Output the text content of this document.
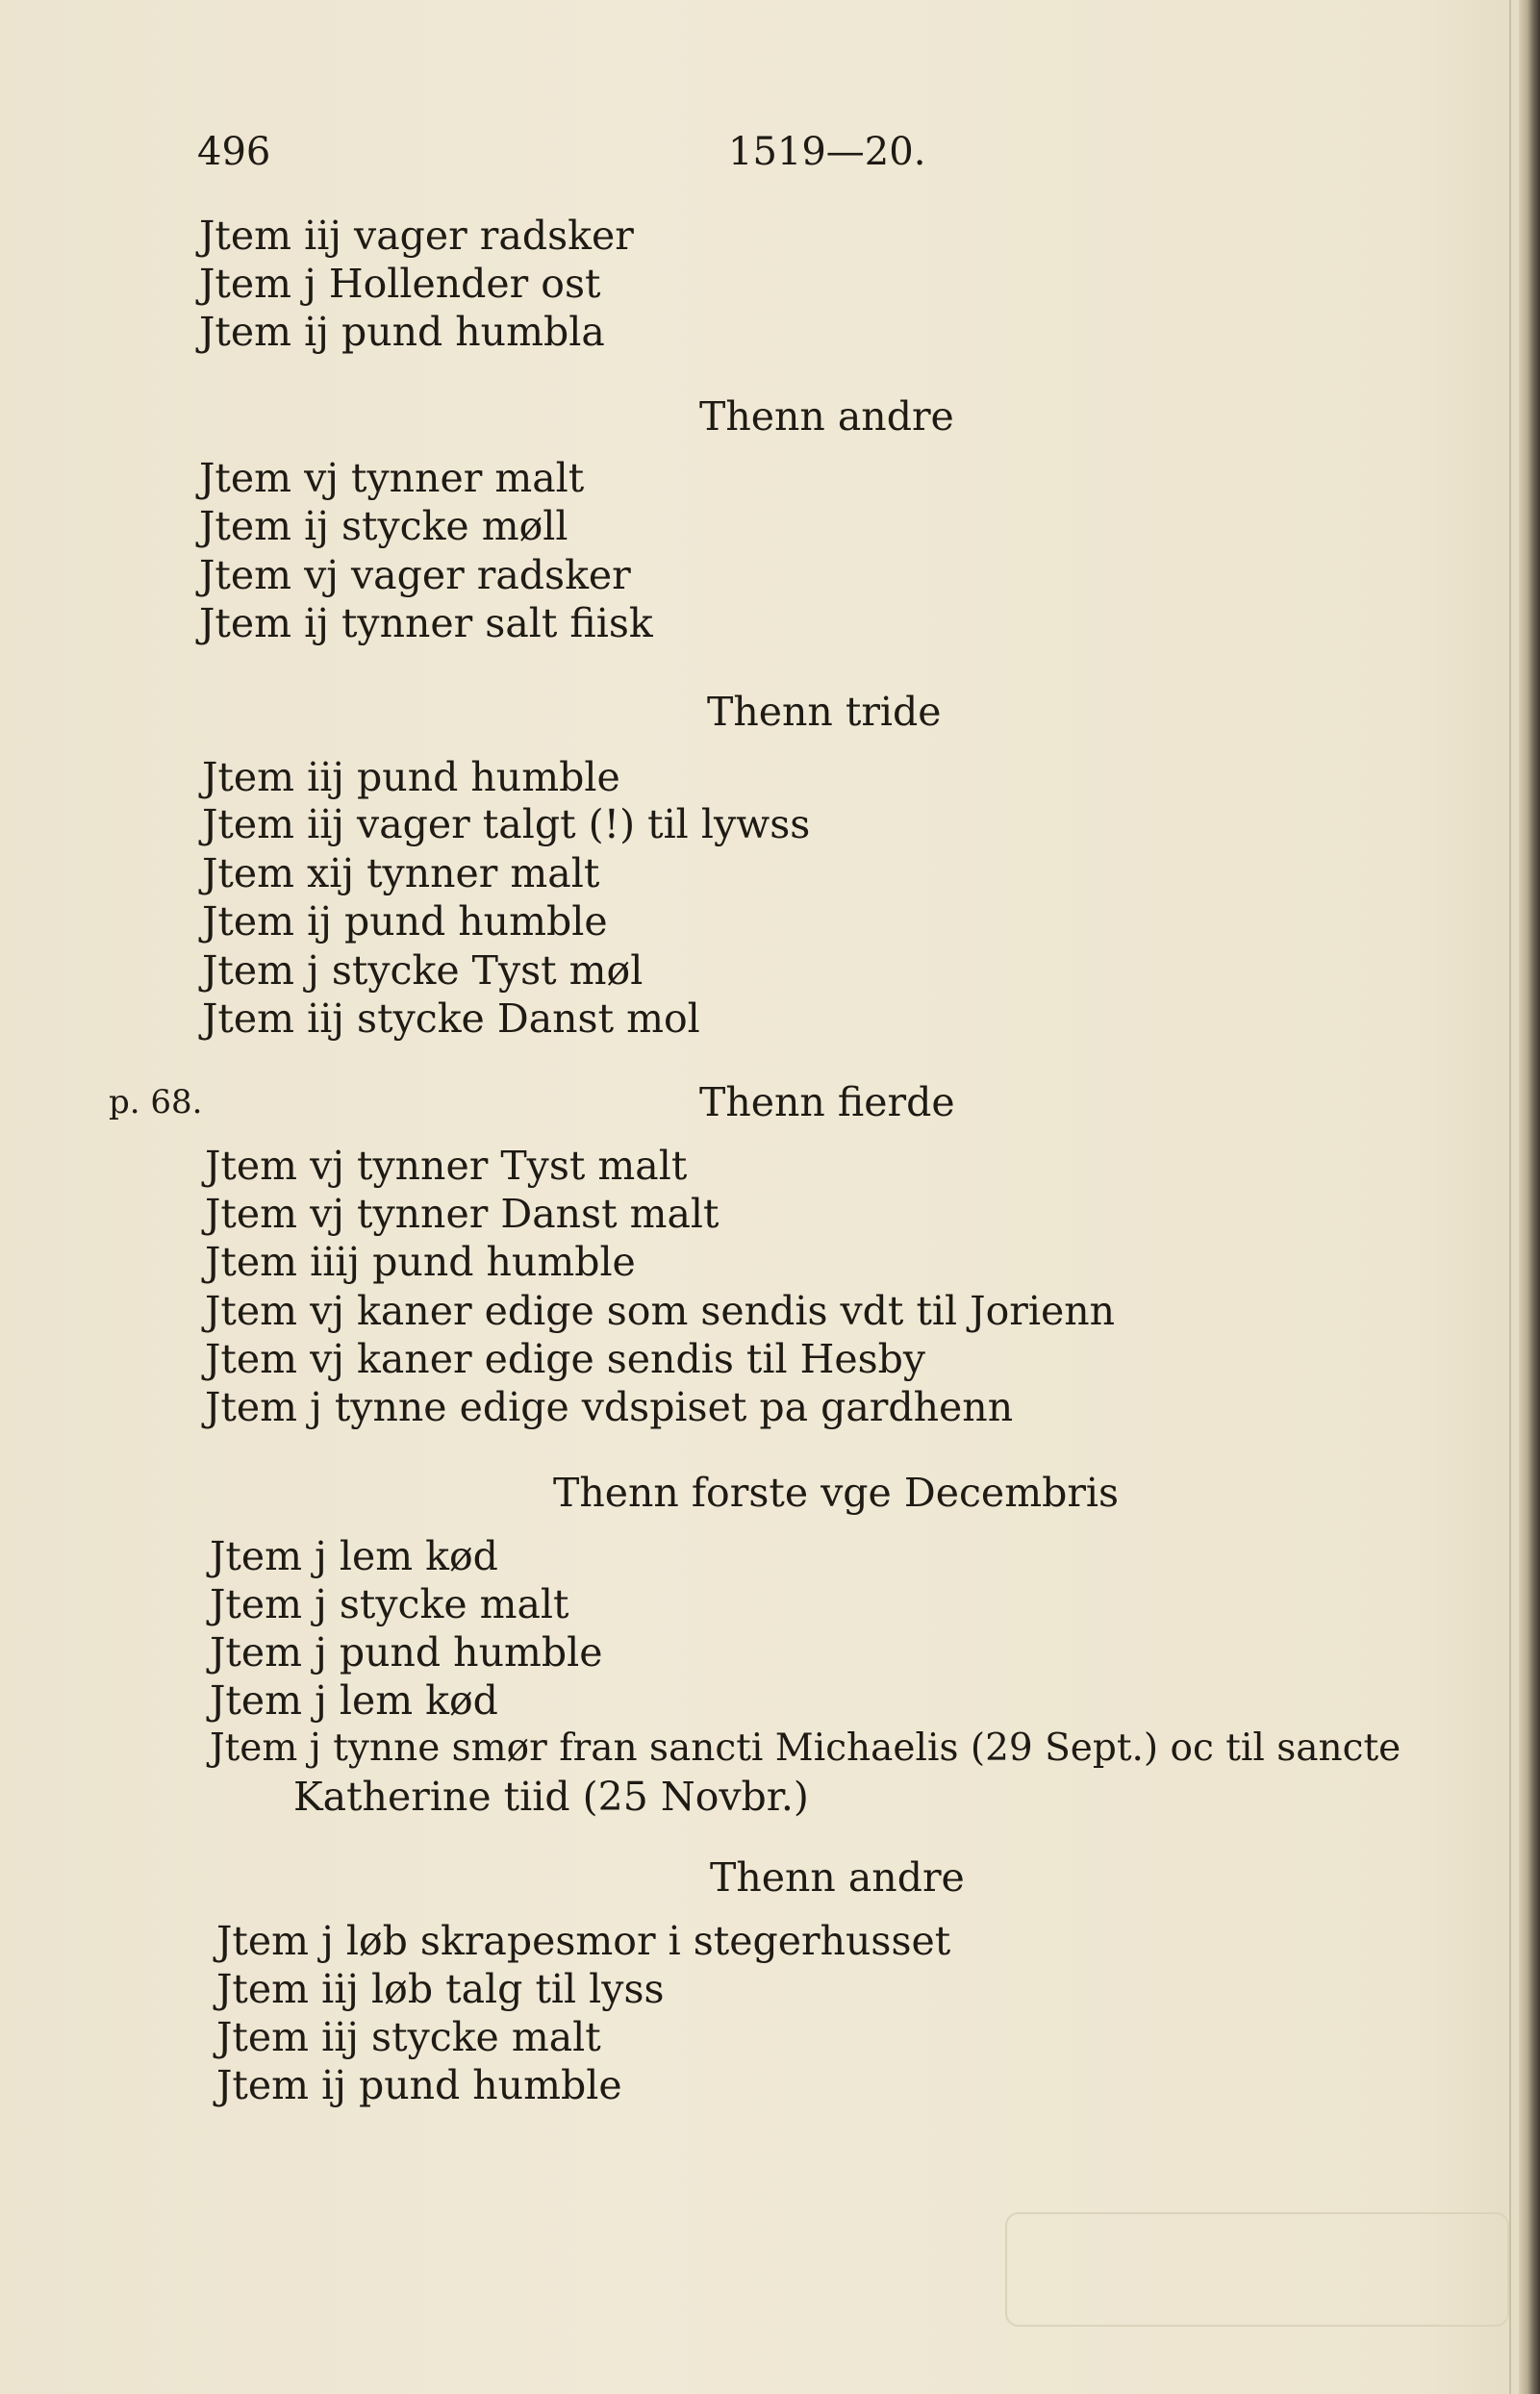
496	1519—20.
p. 68.
Jtem iij vager radsker
Jtem j Hollender ost
Jtem ij pund humbla
Thenn andre
Jtem vj tynner malt
Jtem ij stycke møll
Jtem vj vager radsker
Jtem ij tynner salt fiisk
Thenn tride
Jtem iij pund humble
Jtem iij vager talgt (!) til lywss
Jtem xij tynner malt
Jtem ij pund humble
Jtem j stycke Tyst møl
Jtem iij stycke Danst mol
Thenn fierde
Jtem vj tynner Tyst malt
Jtem vj tynner Danst malt
Jtem iiij pund humble
Jtem vj kaner edige som sendis vdt til Jorienn
Jtem vj kaner edige sendis til Hesby
Jtem j tynne edige vdspiset pa gardhenn
Thenn forste vge Decembris
Jtem j lem kød
Jtem j stycke malt
Jtem j pund humble
Jtem j lem kød
Jtem j tynne smør fran sancti Michaelis (29 Sept.) oc til sancte
Katherine tiid (25 Novbr.)
Thenn andre
Jtem j løb skrapesmor i stegerhusset
Jtem iij løb talg til lyss
Jtem iij stycke malt
Jtem ij pund humble
